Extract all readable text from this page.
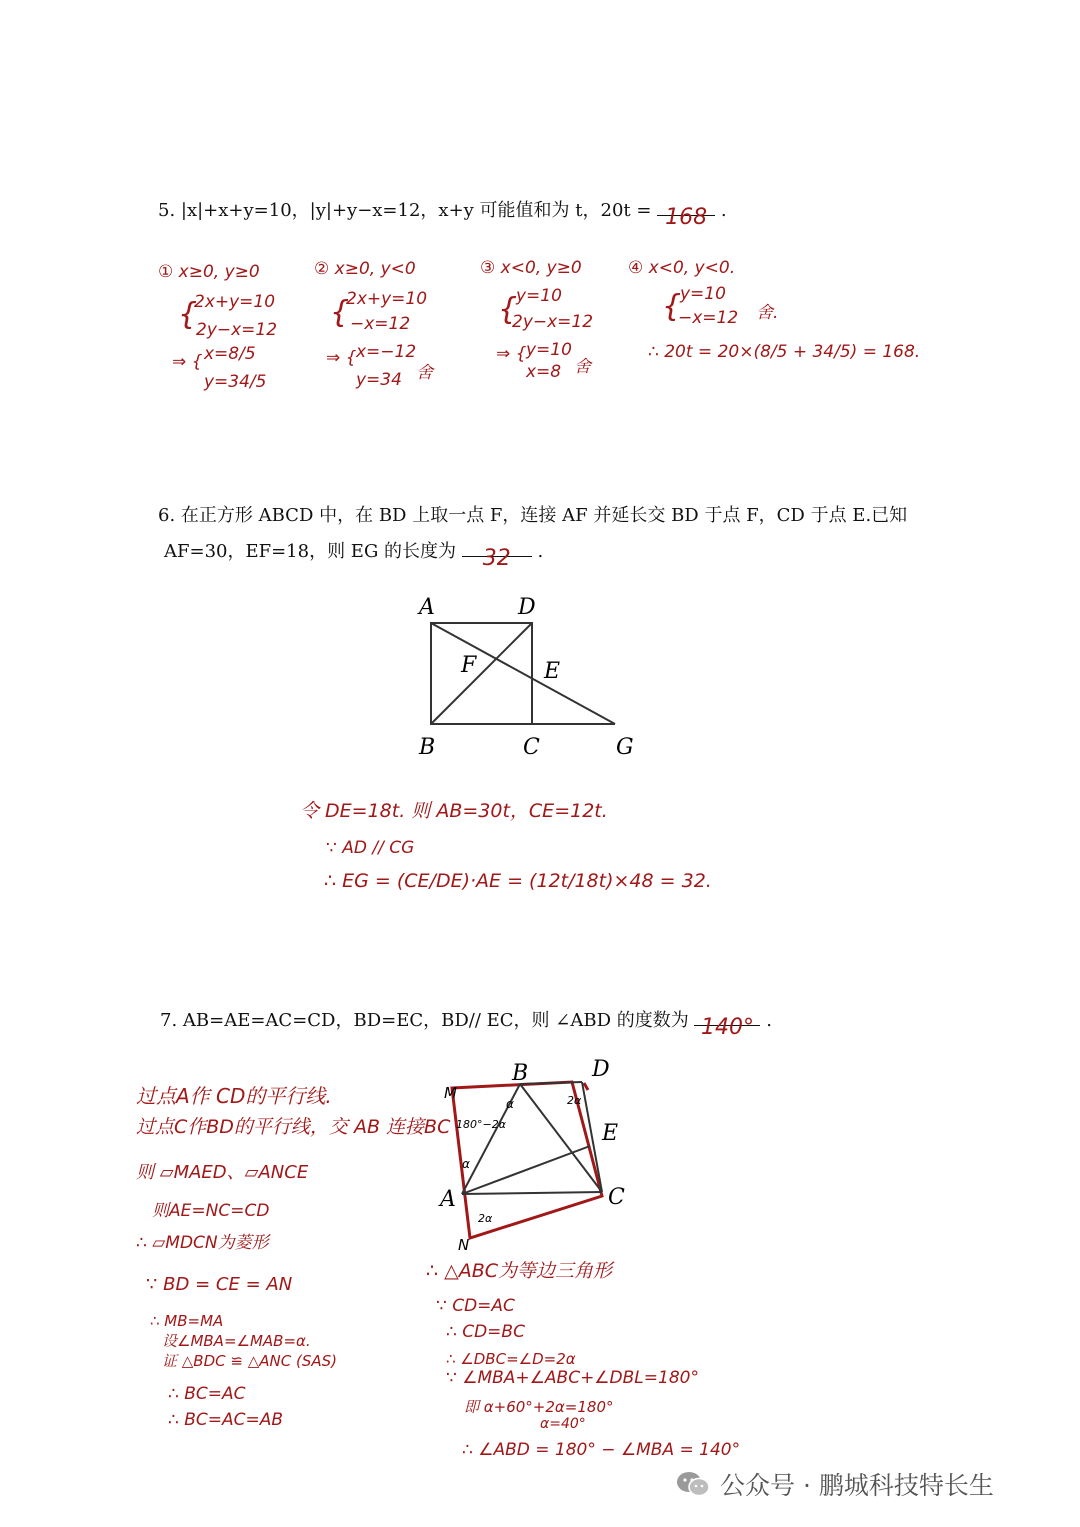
5. |x|+x+y=10，|y|+y−x=12，x+y 可能值和为 t，20t = 168 .
① x≥0, y≥0
{
2x+y=10
2y−x=12
⇒ { x=8/5
y=34/5
② x≥0, y<0
{
2x+y=10
−x=12
⇒ { x=−12
y=34 舍
③ x<0, y≥0
{
y=10
2y−x=12
⇒ { y=10
x=8 舍
④ x<0, y<0.
{
y=10
−x=12 舍.
∴ 20t = 20×(8/5 + 34/5) = 168.
6. 在正方形 ABCD 中，在 BD 上取一点 F，连接 AF 并延长交 BD 于点 F，CD 于点 E.已知
AF=30，EF=18，则 EG 的长度为	32	.
A	D
F	E
B	C	G
令 DE=18t. 则 AB=30t，CE=12t.
∵ AD // CG
∴ EG = (CE/DE)·AE = (12t/18t)×48 = 32.
7. AB=AE=AC=CD，BD=EC，BD// EC，则 ∠ABD 的度数为 140° .
B	D
E
A	C
M
N
180°−2α
α
α
2α
2α
过点A作 CD的平行线.
过点C作BD的平行线，交 AB 连接BC
则 ▱MAED、▱ANCE
则AE=NC=CD
∴ ▱MDCN为菱形
∵ BD = CE = AN
∴ MB=MA
设∠MBA=∠MAB=α.
证 △BDC ≌ △ANC (SAS)
∴ BC=AC
∴ BC=AC=AB
∴ △ABC为等边三角形
∵ CD=AC
∴ CD=BC
∴ ∠DBC=∠D=2α
∵ ∠MBA+∠ABC+∠DBL=180°
即 α+60°+2α=180°
α=40°
∴ ∠ABD = 180° − ∠MBA = 140°
公众号 · 鹏城科技特长生
